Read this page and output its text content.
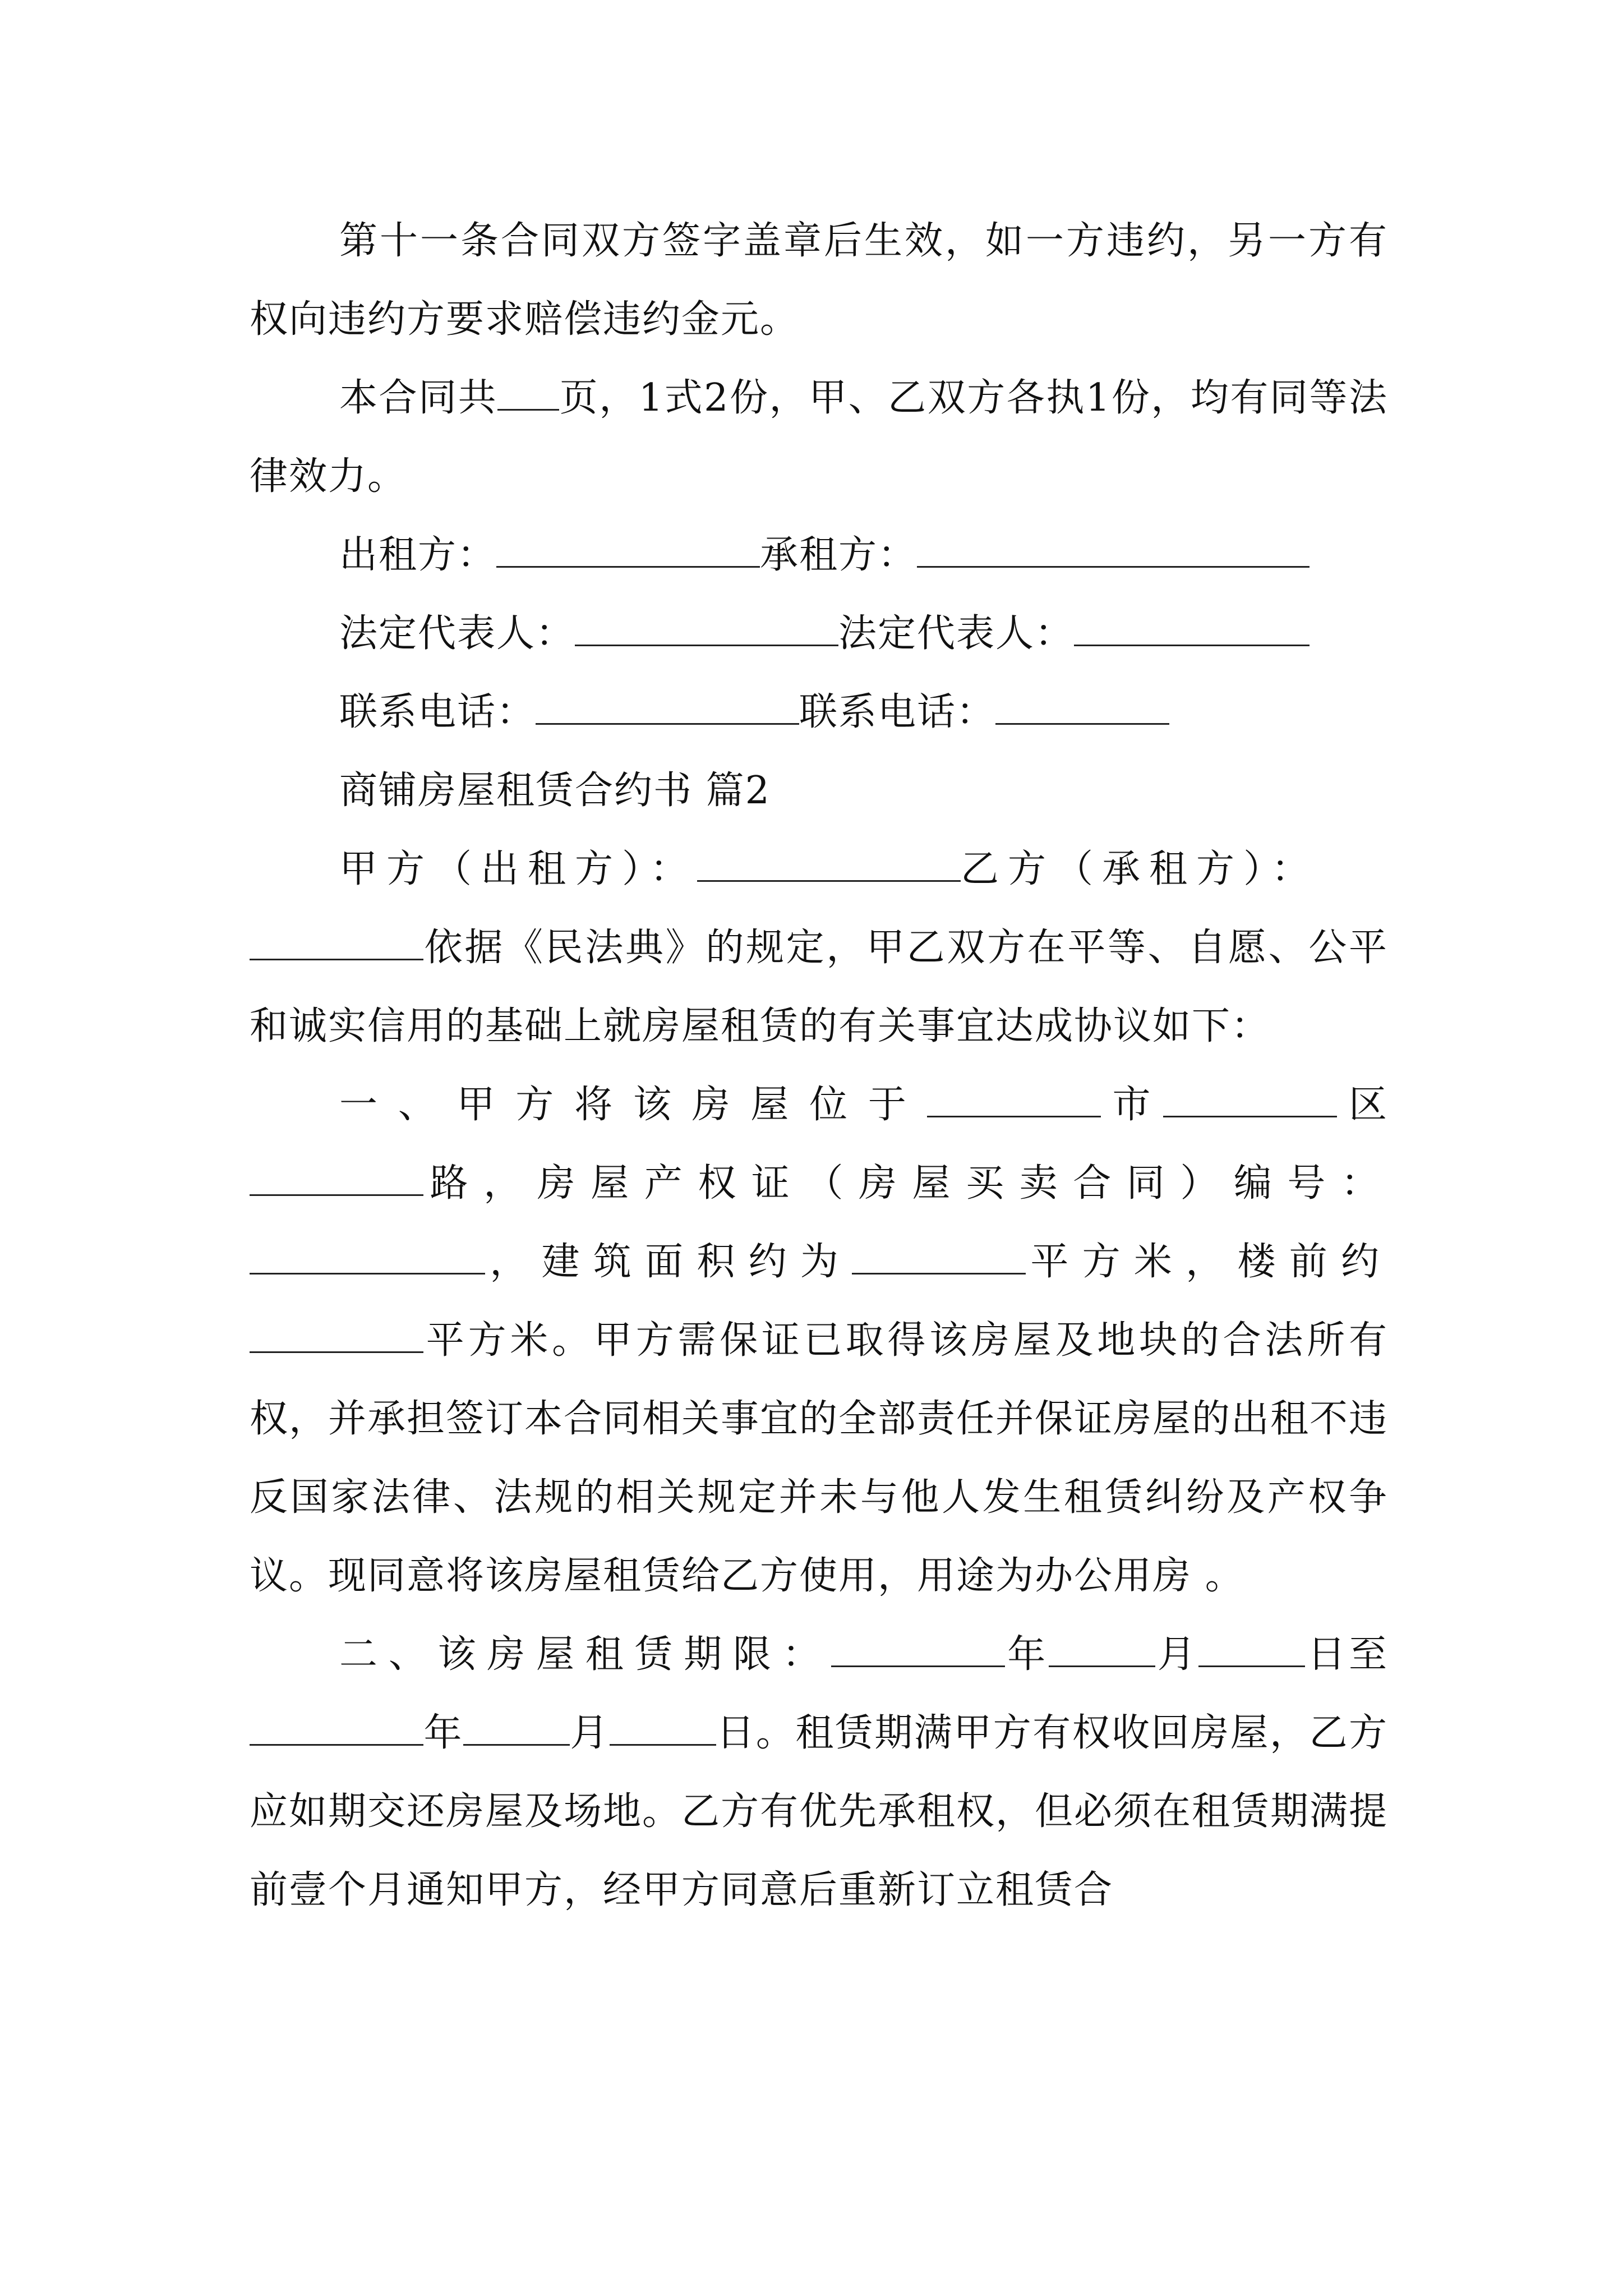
第十一条合同双方签字盖章后生效，如一方违约，另一方有权向违约方要求赔偿违约金元。

本合同共 页，1式2份，甲、乙双方各执1份，均有同等法律效力。

出租方：	承租方：

法定代表人：	法定代表人：

联系电话：	联系电话：

商铺房屋租赁合约书 篇2

甲方（出租方）：	乙方（承租方）：

依据《民法典》的规定，甲乙双方在平等、自愿、公平和诚实信用的基础上就房屋租赁的有关事宜达成协议如下：

一、甲方将该房屋位于	市	区路，房屋产权证（房屋买卖合同）编号：，建筑面积约为	平方米，楼前约平方米。甲方需保证已取得该房屋及地块的合法所有权，并承担签订本合同相关事宜的全部责任并保证房屋的出租不违反国家法律、法规的相关规定并未与他人发生租赁纠纷及产权争议。现同意将该房屋租赁给乙方使用，用途为办公用房 。

二、该房屋租赁期限：	年	月	日至年	月	日。租赁期满甲方有权收回房屋，乙方应如期交还房屋及场地。乙方有优先承租权，但必须在租赁期满提前壹个月通知甲方，经甲方同意后重新订立租赁合
